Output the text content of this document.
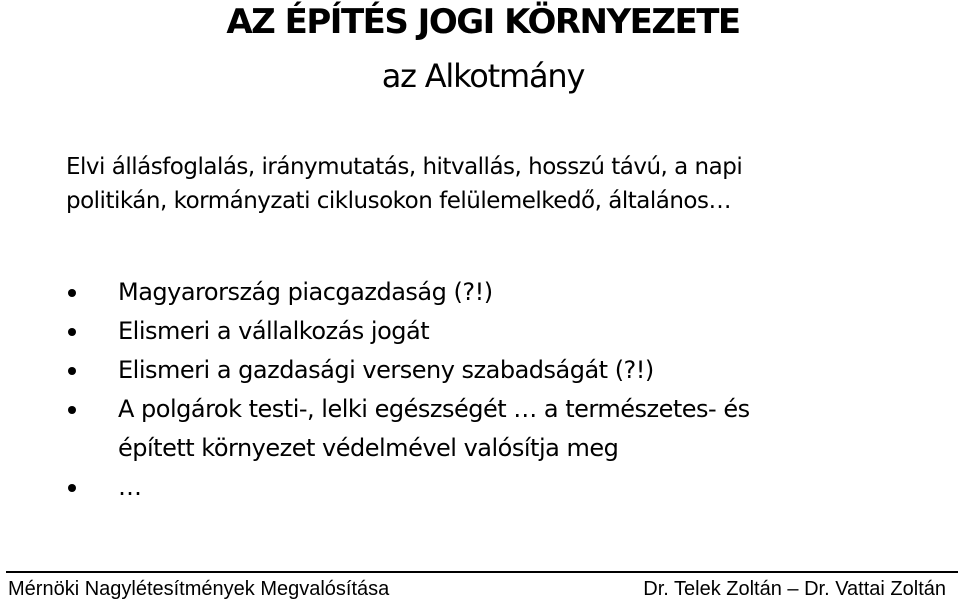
AZ ÉPÍTÉS JOGI KÖRNYEZETE
az Alkotmány
Elvi állásfoglalás, iránymutatás, hitvallás, hosszú távú, a napi
politikán, kormányzati ciklusokon felülemelkedő, általános…
Magyarország piacgazdaság (?!)
Elismeri a vállalkozás jogát
Elismeri a gazdasági verseny szabadságát (?!)
A polgárok testi-, lelki egészségét … a természetes- és
épített környezet védelmével valósítja meg
…
Mérnöki Nagylétesítmények Megvalósítása	Dr. Telek Zoltán – Dr. Vattai Zoltán
